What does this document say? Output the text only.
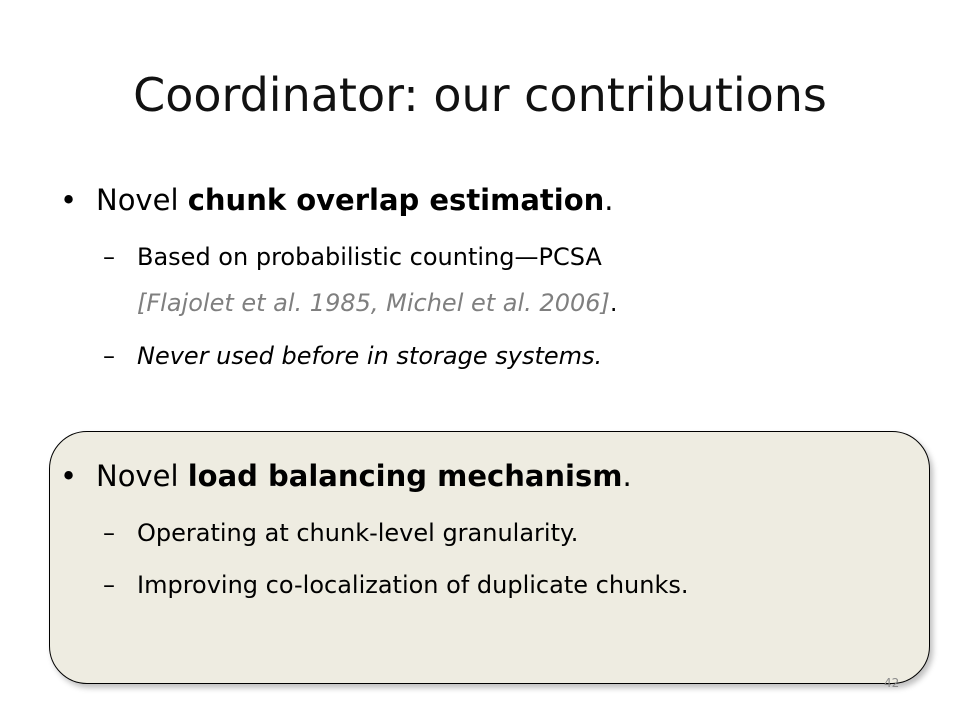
Coordinator: our contributions
• Novel chunk overlap estimation.
– Based on probabilistic counting—PCSA
[Flajolet et al. 1985, Michel et al. 2006].
– Never used before in storage systems.
• Novel load balancing mechanism.
– Operating at chunk-level granularity.
– Improving co-localization of duplicate chunks.
42
